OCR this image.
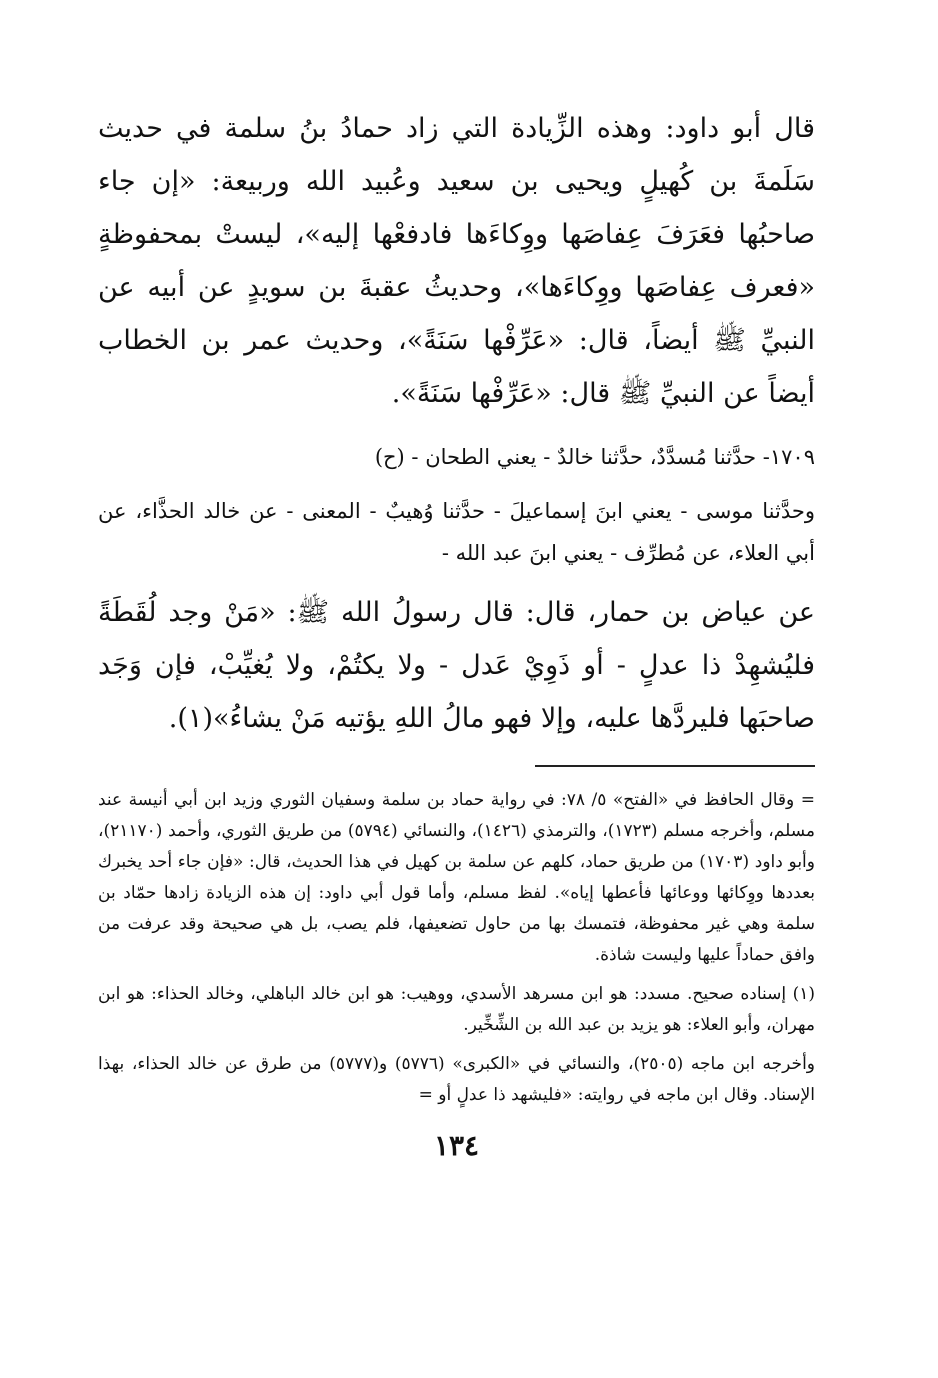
قال أبو داود: وهذه الزِّيادة التي زاد حمادُ بنُ سلمة في حديث سَلَمةَ بن كُهيلٍ ويحيى بن سعيد وعُبيد الله وربيعة: «إن جاء صاحبُها فعَرَفَ عِفاصَها ووِكاءَها فادفعْها إليه»، ليستْ بمحفوظةٍ «فعرف عِفاصَها ووِكاءَها»، وحديثُ عقبةَ بن سويدٍ عن أبيه عن النبيِّ ﷺ أيضاً، قال: «عَرِّفْها سَنَةً»، وحديث عمر بن الخطاب أيضاً عن النبيِّ ﷺ قال: «عَرِّفْها سَنَةً».

١٧٠٩- حدَّثنا مُسدَّدٌ، حدَّثنا خالدٌ - يعني الطحان - (ح)

وحدَّثنا موسى - يعني ابنَ إسماعيلَ - حدَّثنا وُهيبٌ - المعنى - عن خالد الحذَّاء، عن أبي العلاء، عن مُطرِّف - يعني ابنَ عبد الله -

عن عياض بن حمار، قال: قال رسولُ الله ﷺ: «مَنْ وجد لُقَطَةً فليُشهِدْ ذا عدلٍ - أو ذَوِيْ عَدل - ولا يكتُمْ، ولا يُغيِّبْ، فإن وَجَد صاحبَها فليردَّها عليه، وإلا فهو مالُ اللهِ يؤتيه مَنْ يشاءُ»(١).

= وقال الحافظ في «الفتح» ٥/ ٧٨: في رواية حماد بن سلمة وسفيان الثوري وزيد ابن أبي أنيسة عند مسلم، وأخرجه مسلم (١٧٢٣)، والترمذي (١٤٢٦)، والنسائي (٥٧٩٤) من طريق الثوري، وأحمد (٢١١٧٠)، وأبو داود (١٧٠٣) من طريق حماد، كلهم عن سلمة بن كهيل في هذا الحديث، قال: «فإن جاء أحد يخبرك بعددها ووِكائها ووعائها فأعطها إياه». لفظ مسلم، وأما قول أبي داود: إن هذه الزيادة زادها حمّاد بن سلمة وهي غير محفوظة، فتمسك بها من حاول تضعيفها، فلم يصب، بل هي صحيحة وقد عرفت من وافق حماداً عليها وليست شاذة.

(١) إسناده صحيح. مسدد: هو ابن مسرهد الأسدي، ووهيب: هو ابن خالد الباهلي، وخالد الحذاء: هو ابن مهران، وأبو العلاء: هو يزيد بن عبد الله بن الشِّخِّير.

وأخرجه ابن ماجه (٢٥٠٥)، والنسائي في «الكبرى» (٥٧٧٦) و(٥٧٧٧) من طرق عن خالد الحذاء، بهذا الإسناد. وقال ابن ماجه في روايته: «فليشهد ذا عدلٍ أو =

١٣٤
